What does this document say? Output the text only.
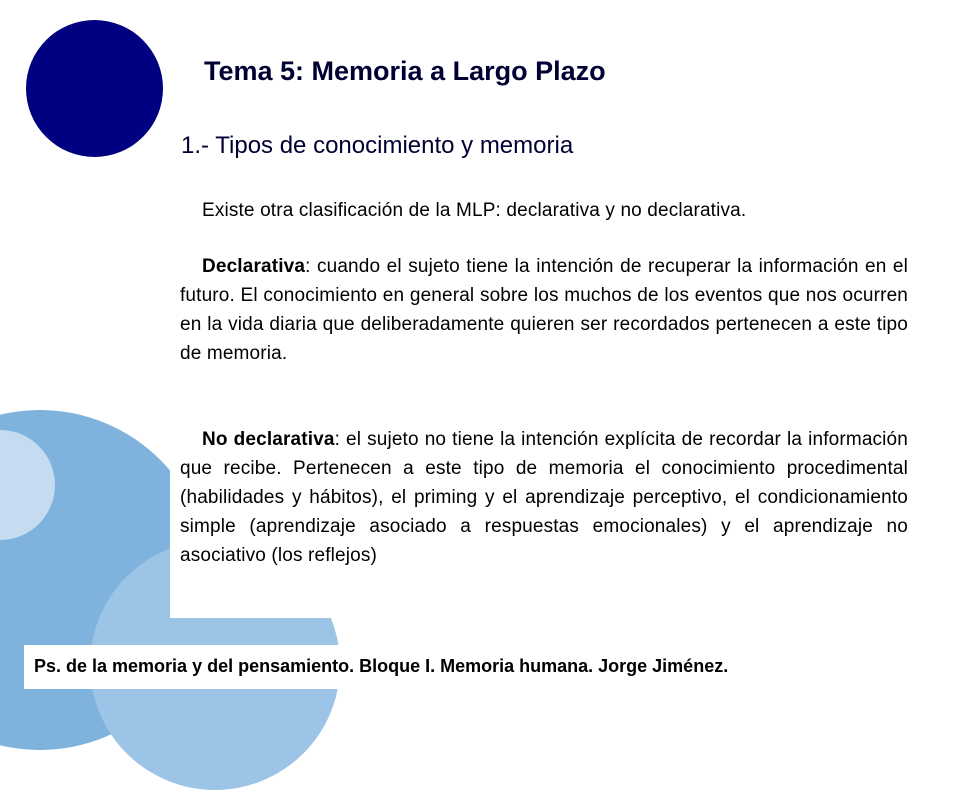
Tema 5: Memoria a Largo Plazo
1.- Tipos de conocimiento y memoria
Existe otra clasificación de la MLP: declarativa y no declarativa.
Declarativa: cuando el sujeto tiene la intención de recuperar la información en el futuro. El conocimiento en general sobre los muchos de los eventos que nos ocurren en la vida diaria que deliberadamente quieren ser recordados pertenecen a este tipo de memoria.
No declarativa: el sujeto no tiene la intención explícita de recordar la información que recibe. Pertenecen a este tipo de memoria el conocimiento procedimental (habilidades y hábitos), el priming y el aprendizaje perceptivo, el condicionamiento simple (aprendizaje asociado a respuestas emocionales) y el aprendizaje no asociativo (los reflejos)
Ps. de la memoria y del pensamiento. Bloque I. Memoria humana. Jorge Jiménez.
